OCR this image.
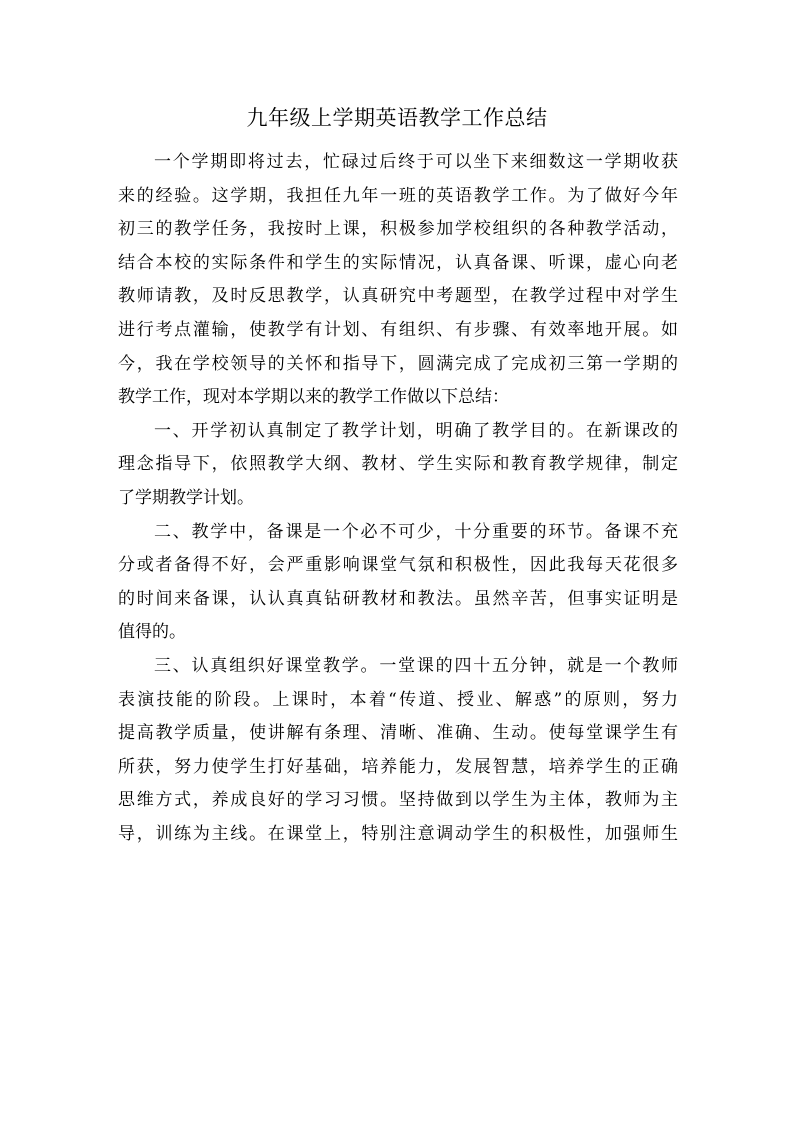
九年级上学期英语教学工作总结
一个学期即将过去，忙碌过后终于可以坐下来细数这一学期收获
来的经验。这学期，我担任九年一班的英语教学工作。为了做好今年
初三的教学任务，我按时上课，积极参加学校组织的各种教学活动，
结合本校的实际条件和学生的实际情况，认真备课、听课，虚心向老
教师请教，及时反思教学，认真研究中考题型，在教学过程中对学生
进行考点灌输，使教学有计划、有组织、有步骤、有效率地开展。如
今，我在学校领导的关怀和指导下，圆满完成了完成初三第一学期的
教学工作，现对本学期以来的教学工作做以下总结：
一、开学初认真制定了教学计划，明确了教学目的。在新课改的
理念指导下，依照教学大纲、教材、学生实际和教育教学规律，制定
了学期教学计划。
二、教学中，备课是一个必不可少，十分重要的环节。备课不充
分或者备得不好，会严重影响课堂气氛和积极性，因此我每天花很多
的时间来备课，认认真真钻研教材和教法。虽然辛苦，但事实证明是
值得的。
三、认真组织好课堂教学。一堂课的四十五分钟，就是一个教师
表演技能的阶段。上课时，本着“传道、授业、解惑”的原则，努力
提高教学质量，使讲解有条理、清晰、准确、生动。使每堂课学生有
所获，努力使学生打好基础，培养能力，发展智慧，培养学生的正确
思维方式，养成良好的学习习惯。坚持做到以学生为主体，教师为主
导，训练为主线。在课堂上，特别注意调动学生的积极性，加强师生
